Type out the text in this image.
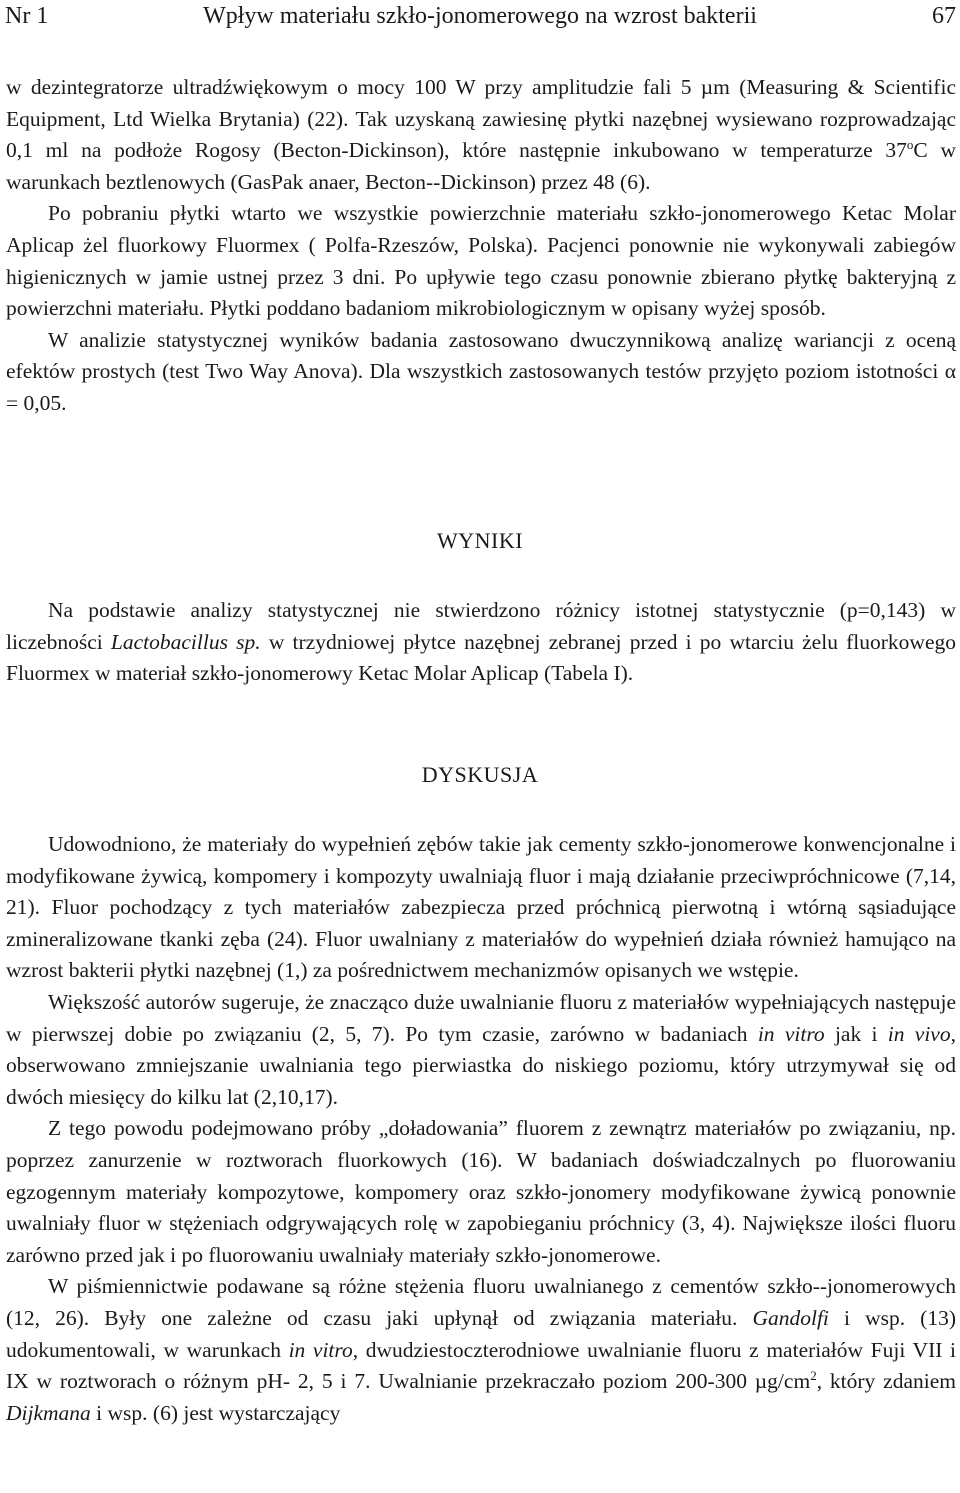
Nr 1	Wpływ materiału szkło-jonomerowego na wzrost bakterii	67

w dezintegratorze ultradźwiękowym o mocy 100 W przy amplitudzie fali 5 µm (Measuring & Scientific Equipment, Ltd Wielka Brytania) (22). Tak uzyskaną zawiesinę płytki nazębnej wysiewano rozprowadzając 0,1 ml na podłoże Rogosy (Becton-Dickinson), które następnie inkubowano w temperaturze 37$^o$C w warunkach beztlenowych (GasPak anaer, Becton-‑Dickinson) przez 48 (6).

Po pobraniu płytki wtarto we wszystkie powierzchnie materiału szkło-jonomerowego Ketac Molar Aplicap żel fluorkowy Fluormex ( Polfa-Rzeszów, Polska). Pacjenci ponownie nie wykonywali zabiegów higienicznych w jamie ustnej przez 3 dni. Po upływie tego czasu ponownie zbierano płytkę bakteryjną z powierzchni materiału. Płytki poddano badaniom mikrobiologicznym w opisany wyżej sposób.

W analizie statystycznej wyników badania zastosowano dwuczynnikową analizę wariancji z oceną efektów prostych (test Two Way Anova). Dla wszystkich zastosowanych testów przyjęto poziom istotności α = 0,05.

WYNIKI

Na podstawie analizy statystycznej nie stwierdzono różnicy istotnej statystycznie (p=0,143) w liczebności Lactobacillus sp. w trzydniowej płytce nazębnej zebranej przed i po wtarciu żelu fluorkowego Fluormex w materiał szkło-jonomerowy Ketac Molar Aplicap (Tabela I).

DYSKUSJA

Udowodniono, że materiały do wypełnień zębów takie jak cementy szkło-jonomerowe konwencjonalne i modyfikowane żywicą, kompomery i kompozyty uwalniają fluor i mają działanie przeciwpróchnicowe (7,14, 21). Fluor pochodzący z tych materiałów zabezpiecza przed próchnicą pierwotną i wtórną sąsiadujące zmineralizowane tkanki zęba (24). Fluor uwalniany z materiałów do wypełnień działa również hamująco na wzrost bakterii płytki nazębnej (1,) za pośrednictwem mechanizmów opisanych we wstępie.

Większość autorów sugeruje, że znacząco duże uwalnianie fluoru z materiałów wypełniających następuje w pierwszej dobie po związaniu (2, 5, 7). Po tym czasie, zarówno w badaniach in vitro jak i in vivo, obserwowano zmniejszanie uwalniania tego pierwiastka do niskiego poziomu, który utrzymywał się od dwóch miesięcy do kilku lat (2,10,17).

Z tego powodu podejmowano próby „doładowania” fluorem z zewnątrz materiałów po związaniu, np. poprzez zanurzenie w roztworach fluorkowych (16). W badaniach doświadczalnych po fluorowaniu egzogennym materiały kompozytowe, kompomery oraz szkło-jonomery modyfikowane żywicą ponownie uwalniały fluor w stężeniach odgrywających rolę w zapobieganiu próchnicy (3, 4). Największe ilości fluoru zarówno przed jak i po fluorowaniu uwalniały materiały szkło-jonomerowe.

W piśmiennictwie podawane są różne stężenia fluoru uwalnianego z cementów szkło-‑jonomerowych (12, 26). Były one zależne od czasu jaki upłynął od związania materiału. Gandolfi i wsp. (13) udokumentowali, w warunkach in vitro, dwudziestoczterodniowe uwalnianie fluoru z materiałów Fuji VII i IX w roztworach o różnym pH- 2, 5 i 7. Uwalnianie przekraczało poziom 200-300 $\mu g/cm^2$, który zdaniem Dijkmana i wsp. (6) jest wystarczający
